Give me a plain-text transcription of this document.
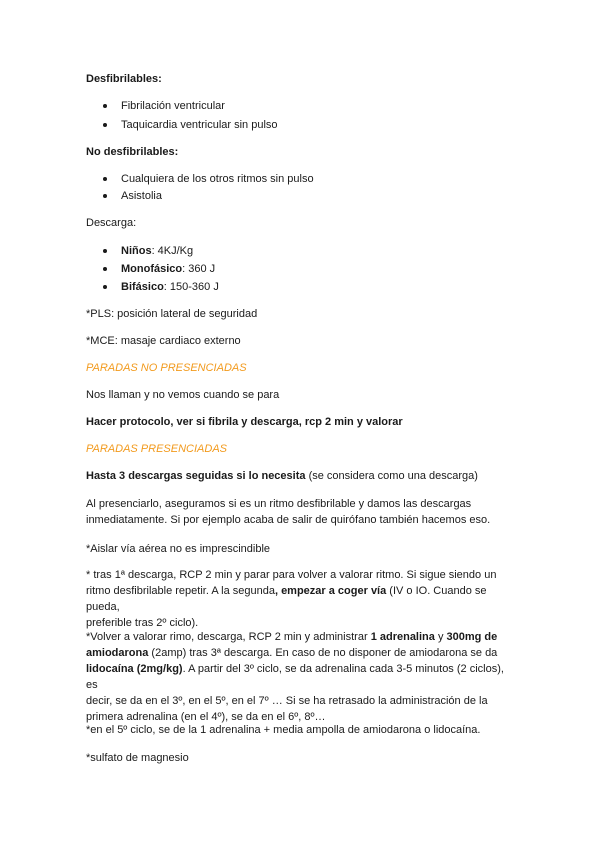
Desfibrilables:

Fibrilación ventricular
Taquicardia ventricular sin pulso

No desfibrilables:

Cualquiera de los otros ritmos sin pulso
Asistolia

Descarga:

Niños: 4KJ/Kg
Monofásico: 360 J
Bifásico: 150-360 J

*PLS: posición lateral de seguridad

*MCE: masaje cardiaco externo

PARADAS NO PRESENCIADAS

Nos llaman y no vemos cuando se para

Hacer protocolo, ver si fibrila y descarga, rcp 2 min y valorar

PARADAS PRESENCIADAS

Hasta 3 descargas seguidas si lo necesita (se considera como una descarga)

Al presenciarlo, aseguramos si es un ritmo desfibrilable y damos las descargas
inmediatamente. Si por ejemplo acaba de salir de quirófano también hacemos eso.

*Aislar vía aérea no es imprescindible

* tras 1ª descarga, RCP 2 min y parar para volver a valorar ritmo. Si sigue siendo un
ritmo desfibrilable repetir. A la segunda, empezar a coger vía (IV o IO. Cuando se pueda,
preferible tras 2º ciclo).
*Volver a valorar rimo, descarga, RCP 2 min y administrar 1 adrenalina y 300mg de
amiodarona (2amp) tras 3ª descarga. En caso de no disponer de amiodarona se da
lidocaína (2mg/kg). A partir del 3º ciclo, se da adrenalina cada 3-5 minutos (2 ciclos), es
decir, se da en el 3º, en el 5º, en el 7º … Si se ha retrasado la administración de la
primera adrenalina (en el 4º), se da en el 6º, 8º…

*en el 5º ciclo, se de la 1 adrenalina + media ampolla de amiodarona o lidocaína.

*sulfato de magnesio
